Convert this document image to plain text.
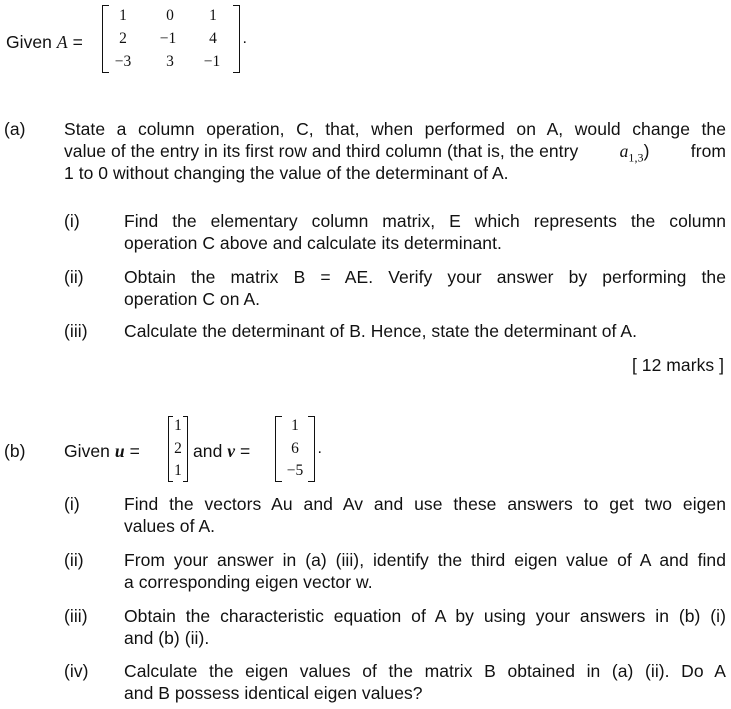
Given A =
1	0	1
2	−1	4
−3	3	−1
.
(a) State a column operation, C, that, when performed on A, would change the
value of the entry in its first row and third column (that is, the entry $a_{1,3}$) from
1 to 0 without changing the value of the determinant of A.
(i)	Find the elementary column matrix, E which represents the column
operation C above and calculate its determinant.
(ii) Obtain the matrix B = AE. Verify your answer by performing the
operation C on A.
(iii) Calculate the determinant of B. Hence, state the determinant of A.
[ 12 marks ]
(b) Given u =
1
2
1
and v =
1
6
−5
.
(i)	Find the vectors Au and Av and use these answers to get two eigen
values of A.
(ii) From your answer in (a) (iii), identify the third eigen value of A and find
a corresponding eigen vector w.
(iii) Obtain the characteristic equation of A by using your answers in (b) (i)
and (b) (ii).
(iv) Calculate the eigen values of the matrix B obtained in (a) (ii). Do A
and B possess identical eigen values?
